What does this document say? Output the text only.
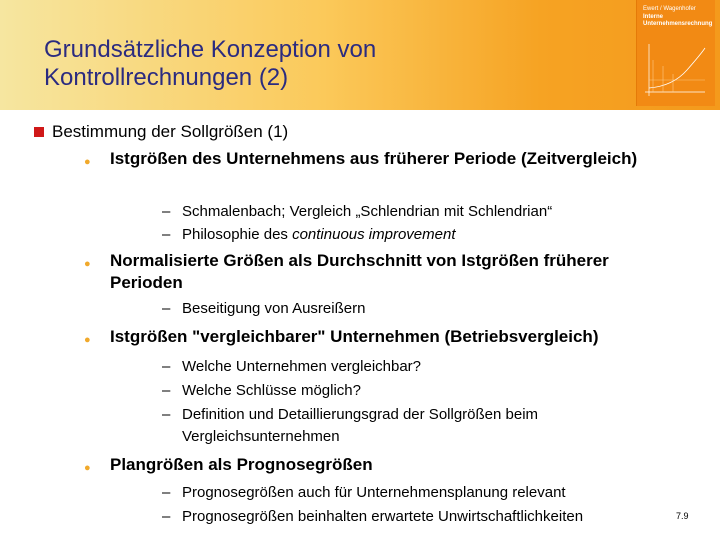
Grundsätzliche Konzeption von
Kontrollrechnungen (2)
Ewert / Wagenhofer
Interne
Unternehmensrechnung
Bestimmung der Sollgrößen (1)
● Istgrößen des Unternehmens aus früherer Periode (Zeitvergleich)
– Schmalenbach; Vergleich „Schlendrian mit Schlendrian“
– Philosophie des continuous improvement
● Normalisierte Größen als Durchschnitt von Istgrößen früherer Perioden
– Beseitigung von Ausreißern
● Istgrößen "vergleichbarer" Unternehmen (Betriebsvergleich)
– Welche Unternehmen vergleichbar?
– Welche Schlüsse möglich?
– Definition und Detaillierungsgrad der Sollgrößen beim Vergleichsunternehmen
● Plangrößen als Prognosegrößen
– Prognosegrößen auch für Unternehmensplanung relevant
– Prognosegrößen beinhalten erwartete Unwirtschaftlichkeiten	7.9
